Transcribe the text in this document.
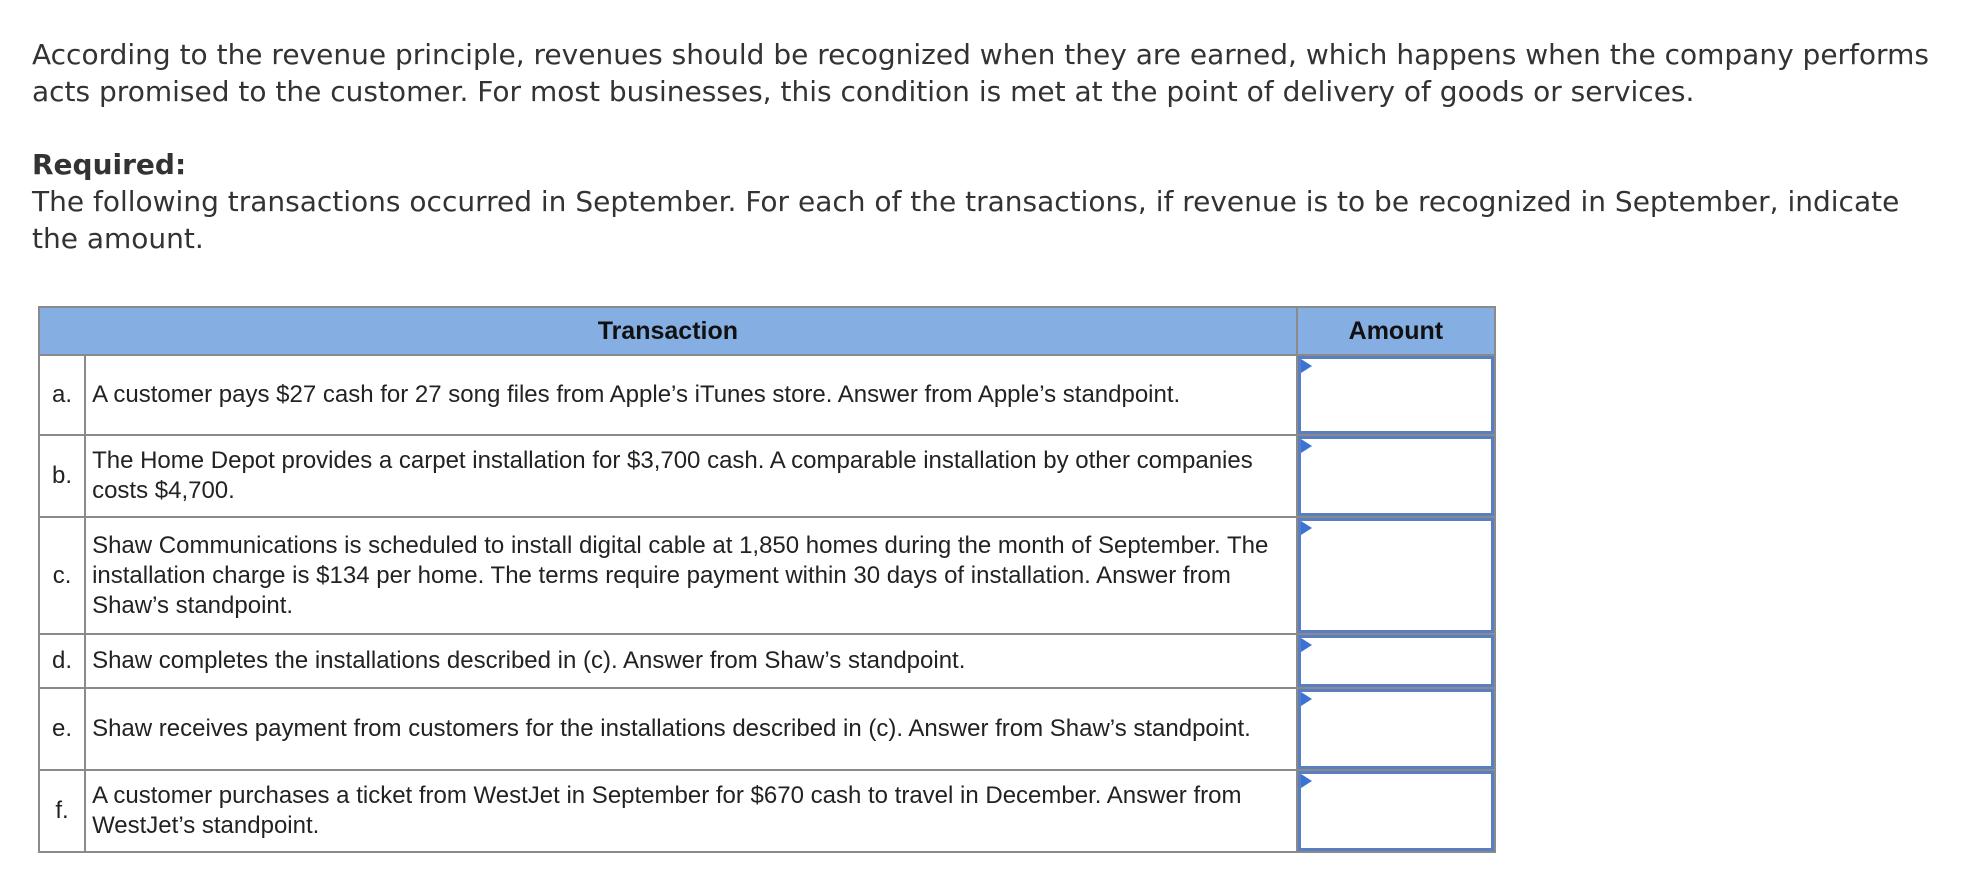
According to the revenue principle, revenues should be recognized when they are earned, which happens when the company performs acts promised to the customer. For most businesses, this condition is met at the point of delivery of goods or services.

Required:

The following transactions occurred in September. For each of the transactions, if revenue is to be recognized in September, indicate the amount.

Transaction		Amount
a.	A customer pays $27 cash for 27 song files from Apple’s iTunes store. Answer from Apple’s standpoint.	

b.	The Home Depot provides a carpet installation for $3,700 cash. A comparable installation by other companies costs $4,700.	

c.	Shaw Communications is scheduled to install digital cable at 1,850 homes during the month of September. The installation charge is $134 per home. The terms require payment within 30 days of installation. Answer from Shaw’s standpoint.	

d.	Shaw completes the installations described in (c). Answer from Shaw’s standpoint.	

e.	Shaw receives payment from customers for the installations described in (c). Answer from Shaw’s standpoint.	

f.	A customer purchases a ticket from WestJet in September for $670 cash to travel in December. Answer from WestJet’s standpoint.	
